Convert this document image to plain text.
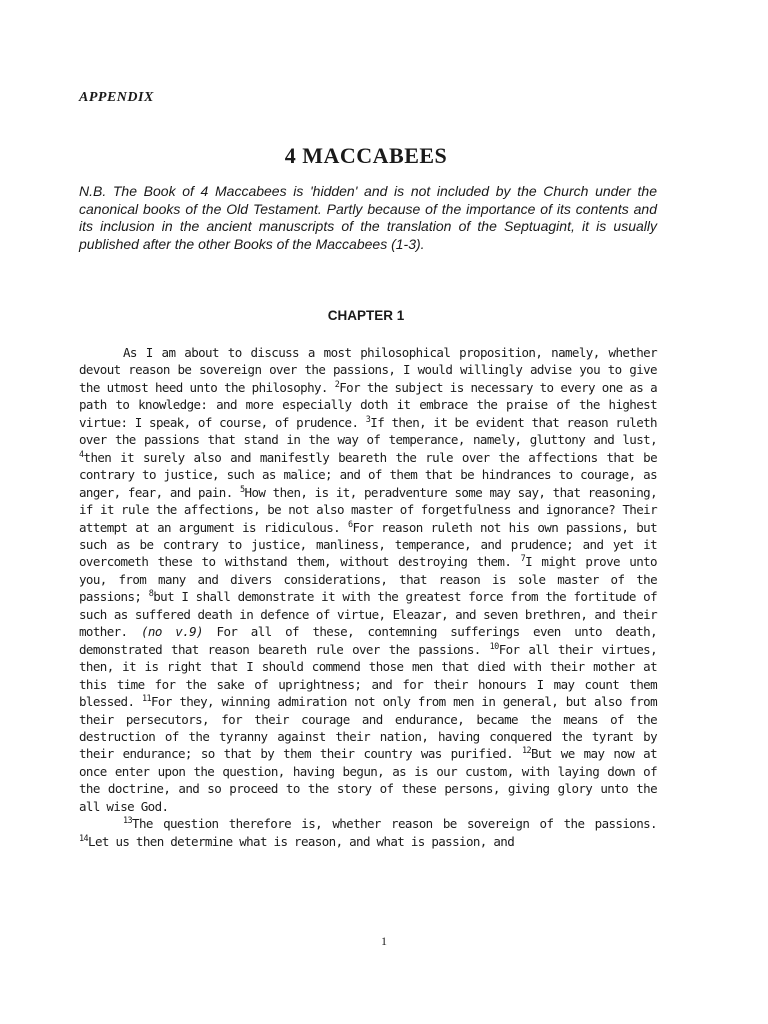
APPENDIX
4 MACCABEES
N.B. The Book of 4 Maccabees is 'hidden' and is not included by the Church under the canonical books of the Old Testament. Partly because of the importance of its contents and its inclusion in the ancient manuscripts of the translation of the Septuagint, it is usually published after the other Books of the Maccabees (1-3).
CHAPTER 1

As I am about to discuss a most philosophical proposition, namely, whether devout reason be sovereign over the passions, I would willingly advise you to give the utmost heed unto the philosophy. $^2$For the subject is necessary to every one as a path to knowledge: and more especially doth it embrace the praise of the highest virtue: I speak, of course, of prudence. $^3$If then, it be evident that reason ruleth over the passions that stand in the way of temperance, namely, gluttony and lust, $^4$then it surely also and manifestly beareth the rule over the affections that be contrary to justice, such as malice; and of them that be hindrances to courage, as anger, fear, and pain. $^5$How then, is it, peradventure some may say, that reasoning, if it rule the affections, be not also master of forgetfulness and ignorance? Their attempt at an argument is ridiculous. $^6$For reason ruleth not his own passions, but such as be contrary to justice, manliness, temperance, and prudence; and yet it overcometh these to withstand them, without destroying them. $^7$I might prove unto you, from many and divers considerations, that reason is sole master of the passions; $^8$but I shall demonstrate it with the greatest force from the fortitude of such as suffered death in defence of virtue, Eleazar, and seven brethren, and their mother. (no v.9) For all of these, contemning sufferings even unto death, demonstrated that reason beareth rule over the passions. $^{10}$For all their virtues, then, it is right that I should commend those men that died with their mother at this time for the sake of uprightness; and for their honours I may count them blessed. $^{11}$For they, winning admiration not only from men in general, but also from their persecutors, for their courage and endurance, became the means of the destruction of the tyranny against their nation, having conquered the tyrant by their endurance; so that by them their country was purified. $^{12}$But we may now at once enter upon the question, having begun, as is our custom, with laying down of the doctrine, and so proceed to the story of these persons, giving glory unto the all wise God.

$^{13}$The question therefore is, whether reason be sovereign of the passions. $^{14}$Let us then determine what is reason, and what is passion, and

1
